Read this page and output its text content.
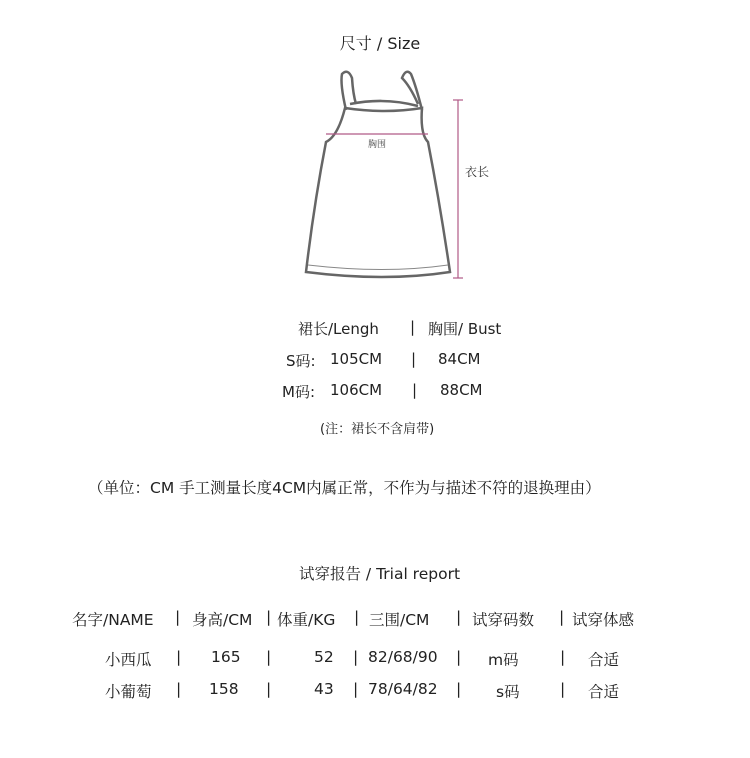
尺寸 / Size
胸围
衣长
裙长/Lengh | 胸围/ Bust
S码: 105CM | 84CM
M码: 106CM | 88CM
(注：裙长不含肩带)
（单位：CM 手工测量长度4CM内属正常，不作为与描述不符的退换理由）
试穿报告 / Trial report
名字/NAME | 身高/CM | 体重/KG | 三围/CM | 试穿码数 | 试穿体感
小西瓜 | 165 |	52 | 82/68/90 | m码	| 合适
小葡萄 | 158 |	43 | 78/64/82 | s码	| 合适
